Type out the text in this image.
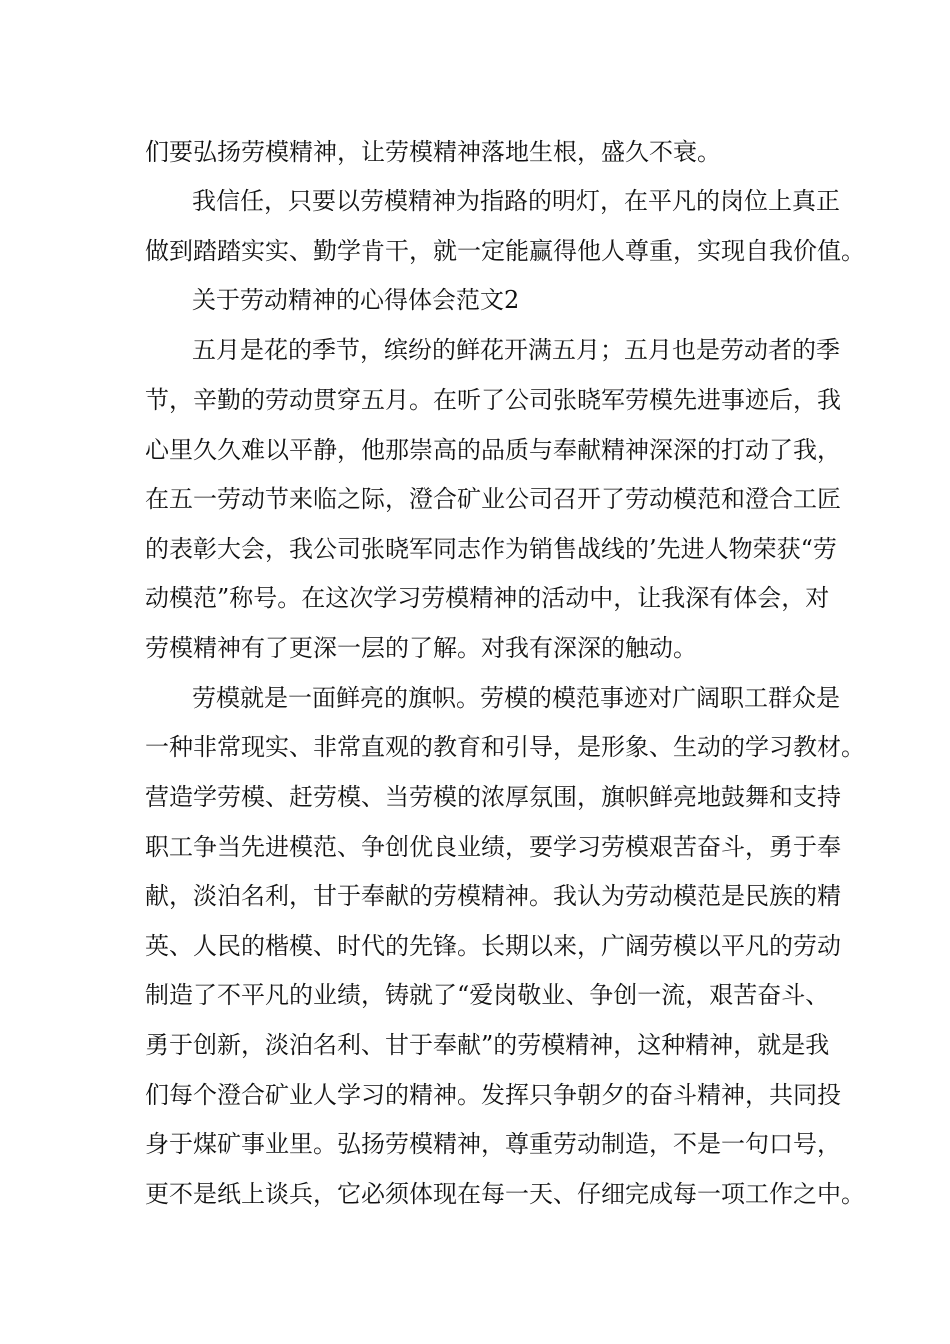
们要弘扬劳模精神，让劳模精神落地生根，盛久不衰。
我信任，只要以劳模精神为指路的明灯，在平凡的岗位上真正
做到踏踏实实、勤学肯干，就一定能赢得他人尊重，实现自我价值。
关于劳动精神的心得体会范文2
五月是花的季节，缤纷的鲜花开满五月；五月也是劳动者的季
节，辛勤的劳动贯穿五月。在听了公司张晓军劳模先进事迹后，我
心里久久难以平静，他那崇高的品质与奉献精神深深的打动了我，
在五一劳动节来临之际，澄合矿业公司召开了劳动模范和澄合工匠
的表彰大会，我公司张晓军同志作为销售战线的’先进人物荣获“劳
动模范”称号。在这次学习劳模精神的活动中，让我深有体会，对
劳模精神有了更深一层的了解。对我有深深的触动。
劳模就是一面鲜亮的旗帜。劳模的模范事迹对广阔职工群众是
一种非常现实、非常直观的教育和引导，是形象、生动的学习教材。
营造学劳模、赶劳模、当劳模的浓厚氛围，旗帜鲜亮地鼓舞和支持
职工争当先进模范、争创优良业绩，要学习劳模艰苦奋斗，勇于奉
献，淡泊名利，甘于奉献的劳模精神。我认为劳动模范是民族的精
英、人民的楷模、时代的先锋。长期以来，广阔劳模以平凡的劳动
制造了不平凡的业绩，铸就了“爱岗敬业、争创一流，艰苦奋斗、
勇于创新，淡泊名利、甘于奉献”的劳模精神，这种精神，就是我
们每个澄合矿业人学习的精神。发挥只争朝夕的奋斗精神，共同投
身于煤矿事业里。弘扬劳模精神，尊重劳动制造，不是一句口号，
更不是纸上谈兵，它必须体现在每一天、仔细完成每一项工作之中。
